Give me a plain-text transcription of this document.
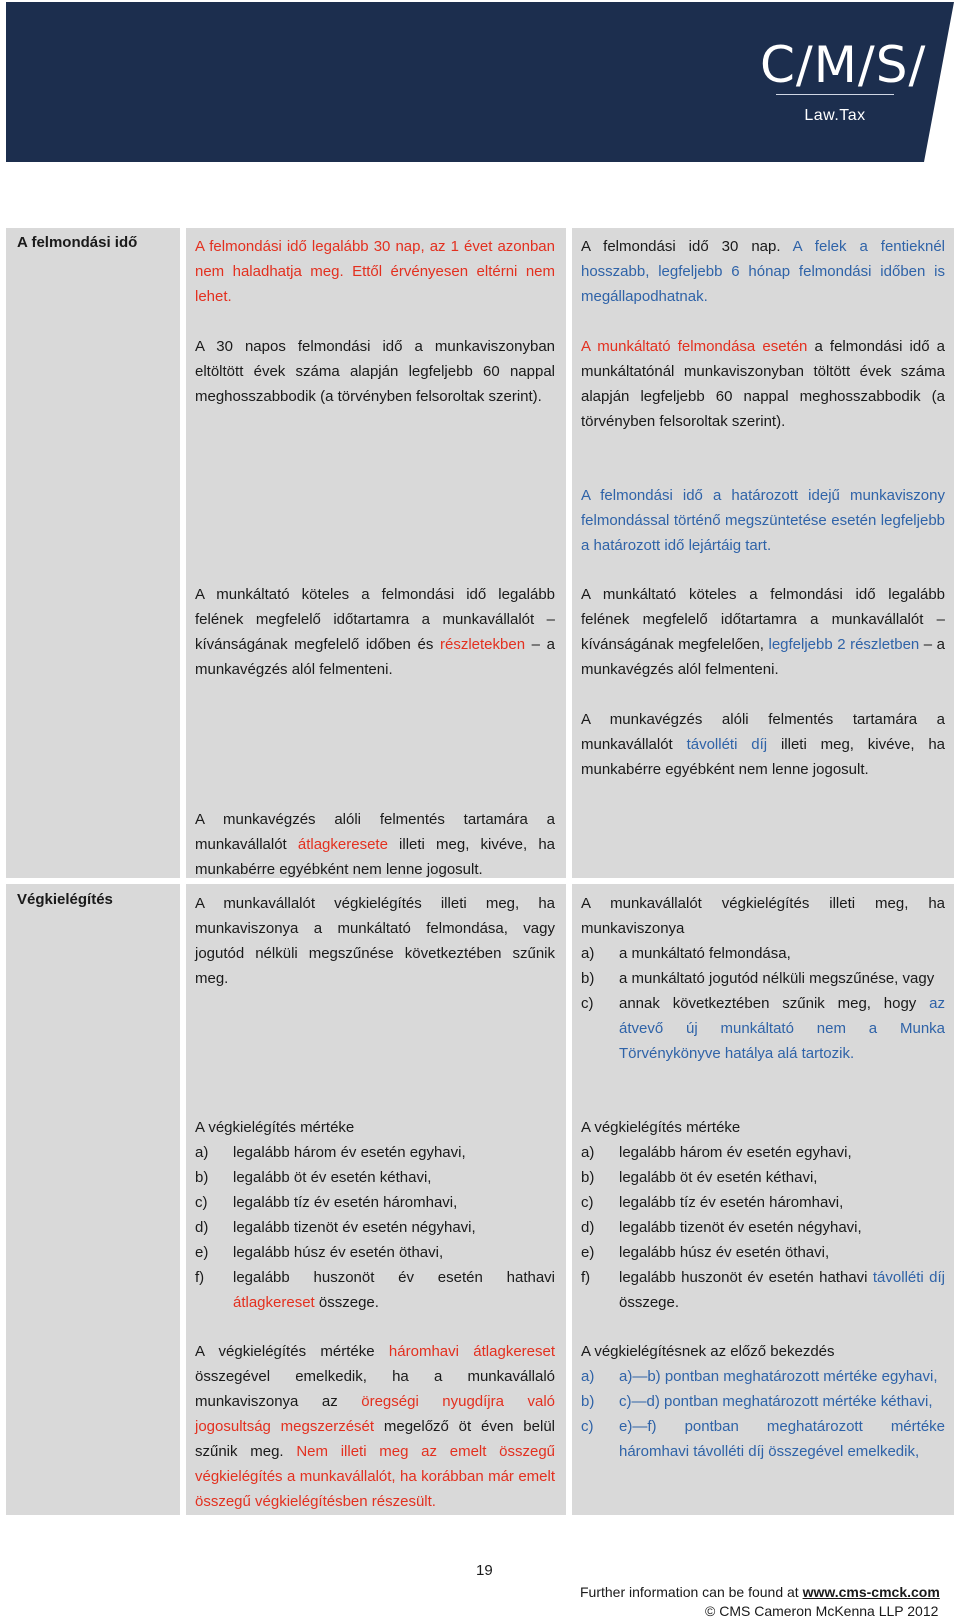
C/M/S/
Law.Tax
A felmondási idő	A felmondási idő legalább 30 nap, az 1 évet azonban nem haladhatja meg. Ettől érvényesen eltérni nem lehet.

A 30 napos felmondási idő a munkaviszonyban eltöltött évek száma alapján legfeljebb 60 nappal meghosszabbodik (a törvényben felsoroltak szerint).

A munkáltató köteles a felmondási idő legalább felének megfelelő időtartamra a munkavállalót – kívánságának megfelelő időben és részletekben – a munkavégzés alól felmenteni.

A munkavégzés alóli felmentés tartamára a munkavállalót átlagkeresete illeti meg, kivéve, ha munkabérre egyébként nem lenne jogosult.

A felmondási idő 30 nap. A felek a fentieknél hosszabb, legfeljebb 6 hónap felmondási időben is megállapodhatnak.

A munkáltató felmondása esetén a felmondási idő a munkáltatónál munkaviszonyban töltött évek száma alapján legfeljebb 60 nappal meghosszabbodik (a törvényben felsoroltak szerint).

A felmondási idő a határozott idejű munkaviszony felmondással történő megszüntetése esetén legfeljebb a határozott idő lejártáig tart.

A munkáltató köteles a felmondási idő legalább felének megfelelő időtartamra a munkavállalót – kívánságának megfelelően, legfeljebb 2 részletben – a munkavégzés alól felmenteni.

A munkavégzés alóli felmentés tartamára a munkavállalót távolléti díj illeti meg, kivéve, ha munkabérre egyébként nem lenne jogosult.

Végkielégítés	A munkavállalót végkielégítés illeti meg, ha munkaviszonya a munkáltató felmondása, vagy jogutód nélküli megszűnése következtében szűnik meg.

A munkavállalót végkielégítés illeti meg, ha munkaviszonya

a) a munkáltató felmondása,
b) a munkáltató jogutód nélküli megszűnése, vagy
c) annak következtében szűnik meg, hogy az átvevő új munkáltató nem a Munka Törvénykönyve hatálya alá tartozik.

A végkielégítés mértéke

a) legalább három év esetén egyhavi,
b) legalább öt év esetén kéthavi,
c) legalább tíz év esetén háromhavi,
d) legalább tizenöt év esetén négyhavi,
e) legalább húsz év esetén öthavi,
f) legalább huszonöt év esetén hathavi átlagkereset összege.

A végkielégítés mértéke

a) legalább három év esetén egyhavi,
b) legalább öt év esetén kéthavi,
c) legalább tíz év esetén háromhavi,
d) legalább tizenöt év esetén négyhavi,
e) legalább húsz év esetén öthavi,
f) legalább huszonöt év esetén hathavi távolléti díj összege.

A végkielégítés mértéke háromhavi átlagkereset összegével emelkedik, ha a munkavállaló munkaviszonya az öregségi nyugdíjra való jogosultság megszerzését megelőző öt éven belül szűnik meg. Nem illeti meg az emelt összegű végkielégítés a munkavállalót, ha korábban már emelt összegű végkielégítésben részesült.

A végkielégítésnek az előző bekezdés

a) a)—b) pontban meghatározott mértéke egyhavi,
b) c)—d) pontban meghatározott mértéke kéthavi,
c) e)—f) pontban meghatározott mértéke háromhavi távolléti díj összegével emelkedik,
19
Further information can be found at www.cms-cmck.com
© CMS Cameron McKenna LLP 2012
